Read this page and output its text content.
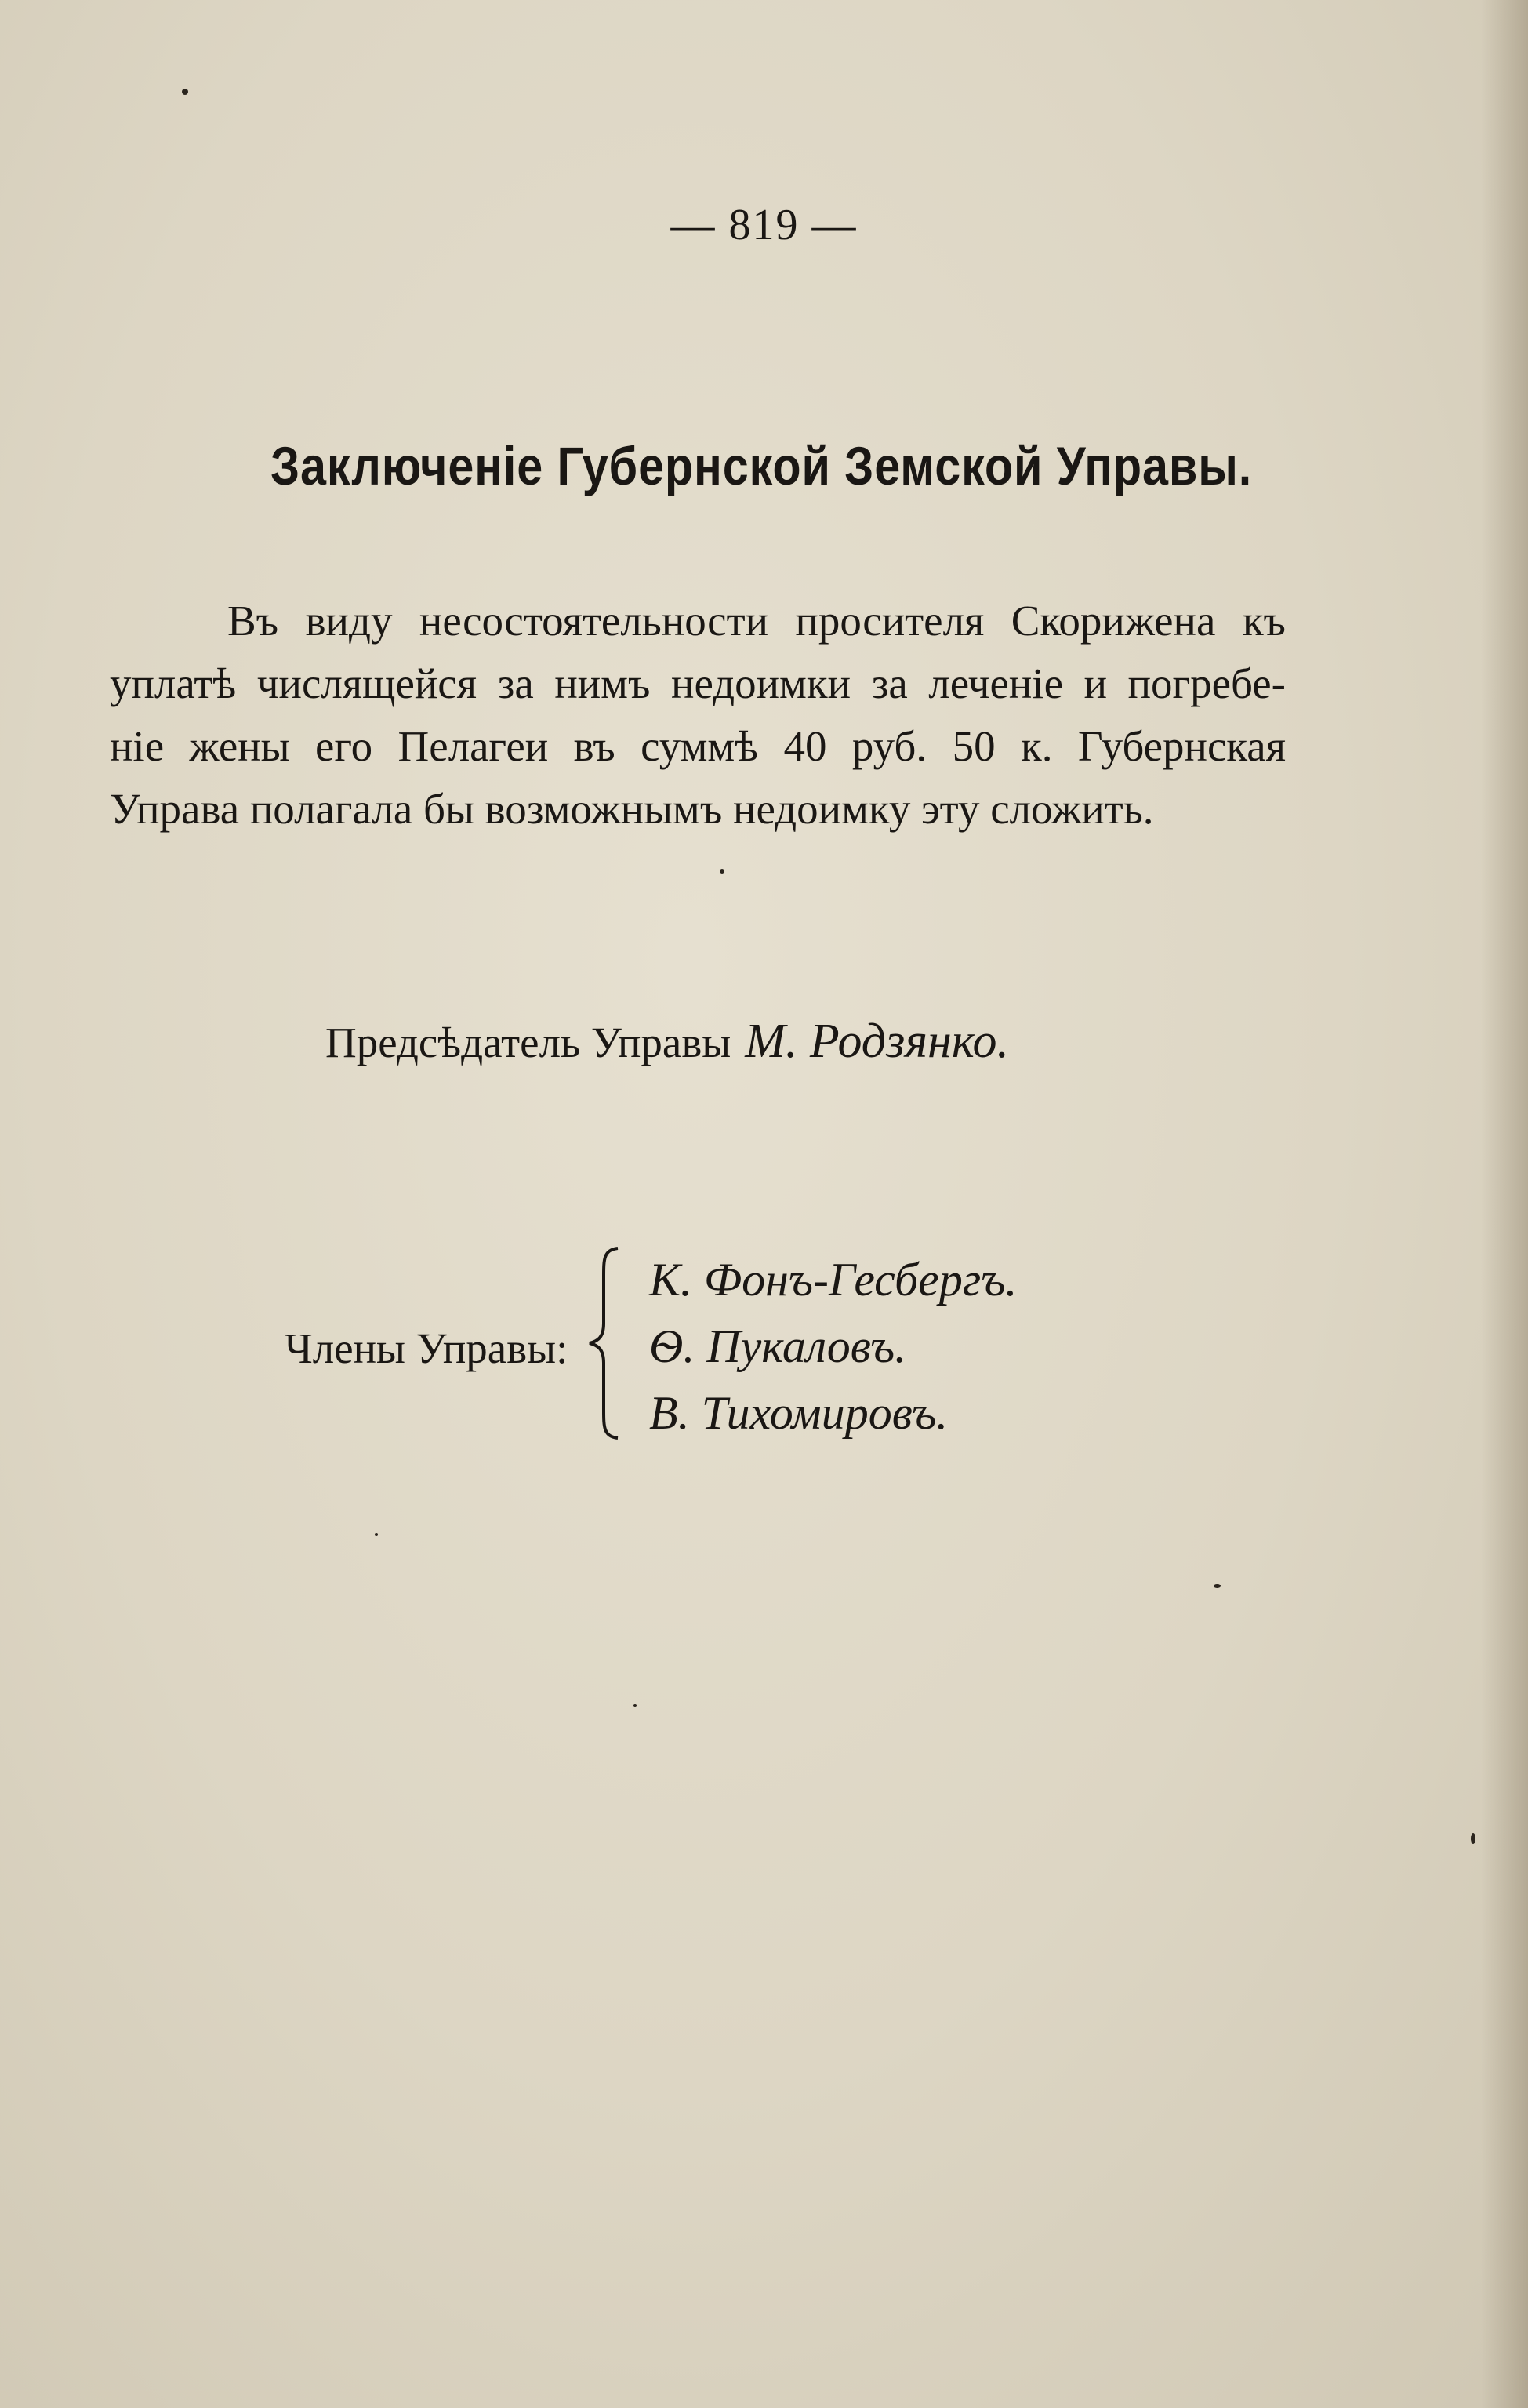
— 819 —
Заключеніе Губернской Земской Управы.
Въ виду несостоятельности просителя Скорижена къ
уплатѣ числящейся за нимъ недоимки за леченіе и погребе-
ніе жены его Пелагеи въ суммѣ 40 руб. 50 к. Губернская
Управа полагала бы возможнымъ недоимку эту сложить.
Предсѣдатель Управы М. Родзянко.
Члены Управы:
К. Фонъ-Гесбергъ.
Ѳ. Пукаловъ.
В. Тихомировъ.
